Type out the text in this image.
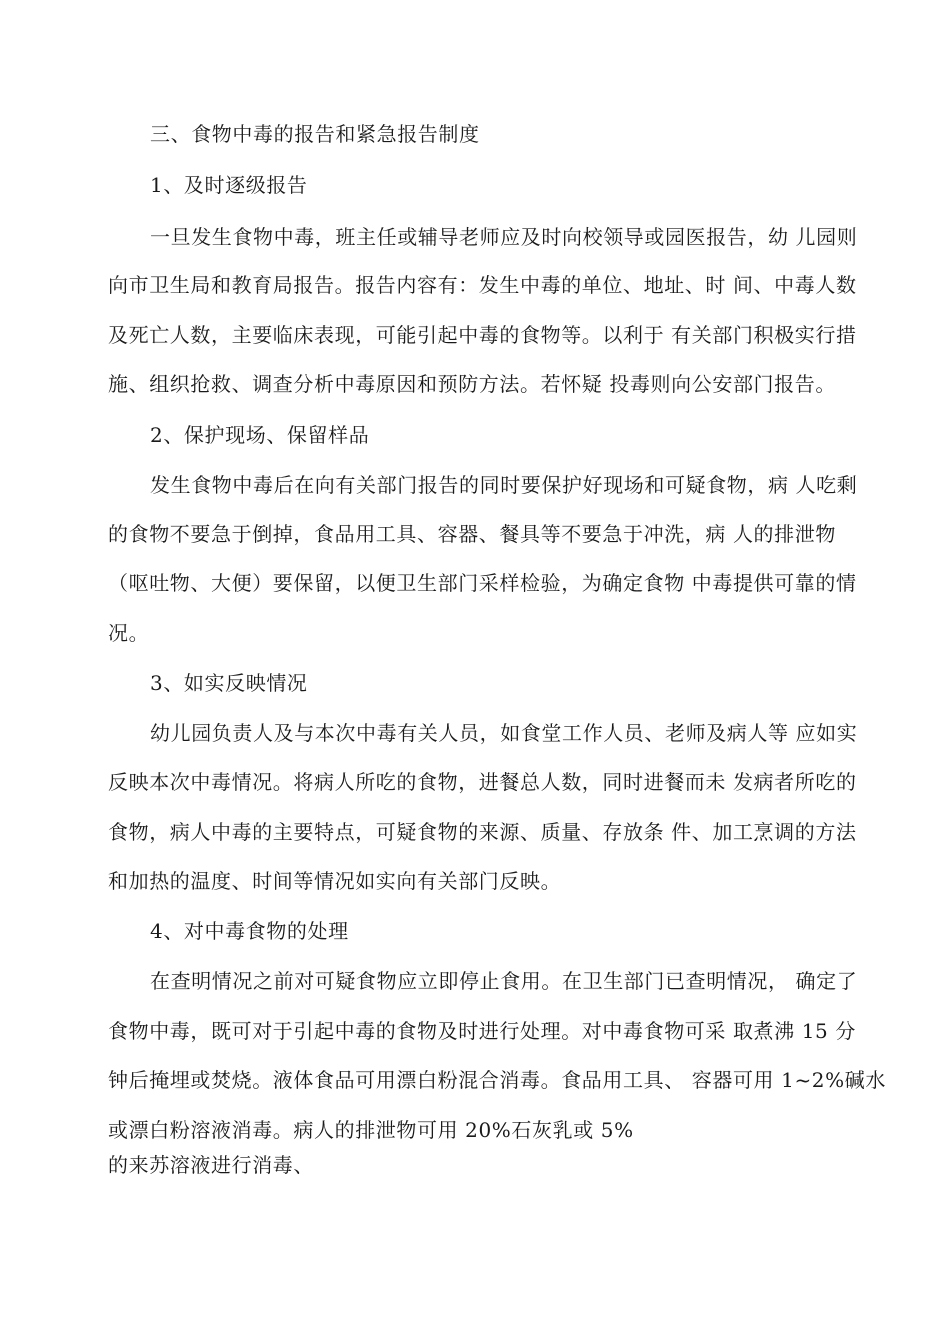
三、食物中毒的报告和紧急报告制度
1、及时逐级报告
一旦发生食物中毒，班主任或辅导老师应及时向校领导或园医报告，幼 儿园则
向市卫生局和教育局报告。报告内容有：发生中毒的单位、地址、时 间、中毒人数
及死亡人数，主要临床表现，可能引起中毒的食物等。以利于 有关部门积极实行措
施、组织抢救、调查分析中毒原因和预防方法。若怀疑 投毒则向公安部门报告。
2、保护现场、保留样品
发生食物中毒后在向有关部门报告的同时要保护好现场和可疑食物，病 人吃剩
的食物不要急于倒掉，食品用工具、容器、餐具等不要急于冲洗，病 人的排泄物
（呕吐物、大便）要保留，以便卫生部门采样检验，为确定食物 中毒提供可靠的情
况。
3、如实反映情况
幼儿园负责人及与本次中毒有关人员，如食堂工作人员、老师及病人等 应如实
反映本次中毒情况。将病人所吃的食物，进餐总人数，同时进餐而未 发病者所吃的
食物，病人中毒的主要特点，可疑食物的来源、质量、存放条 件、加工烹调的方法
和加热的温度、时间等情况如实向有关部门反映。
4、对中毒食物的处理
在查明情况之前对可疑食物应立即停止食用。在卫生部门已查明情况， 确定了
食物中毒，既可对于引起中毒的食物及时进行处理。对中毒食物可采 取煮沸 15 分
钟后掩埋或焚烧。液体食品可用漂白粉混合消毒。食品用工具、 容器可用 1~2%碱水
或漂白粉溶液消毒。病人的排泄物可用 20%石灰乳或 5%
的来苏溶液进行消毒、
